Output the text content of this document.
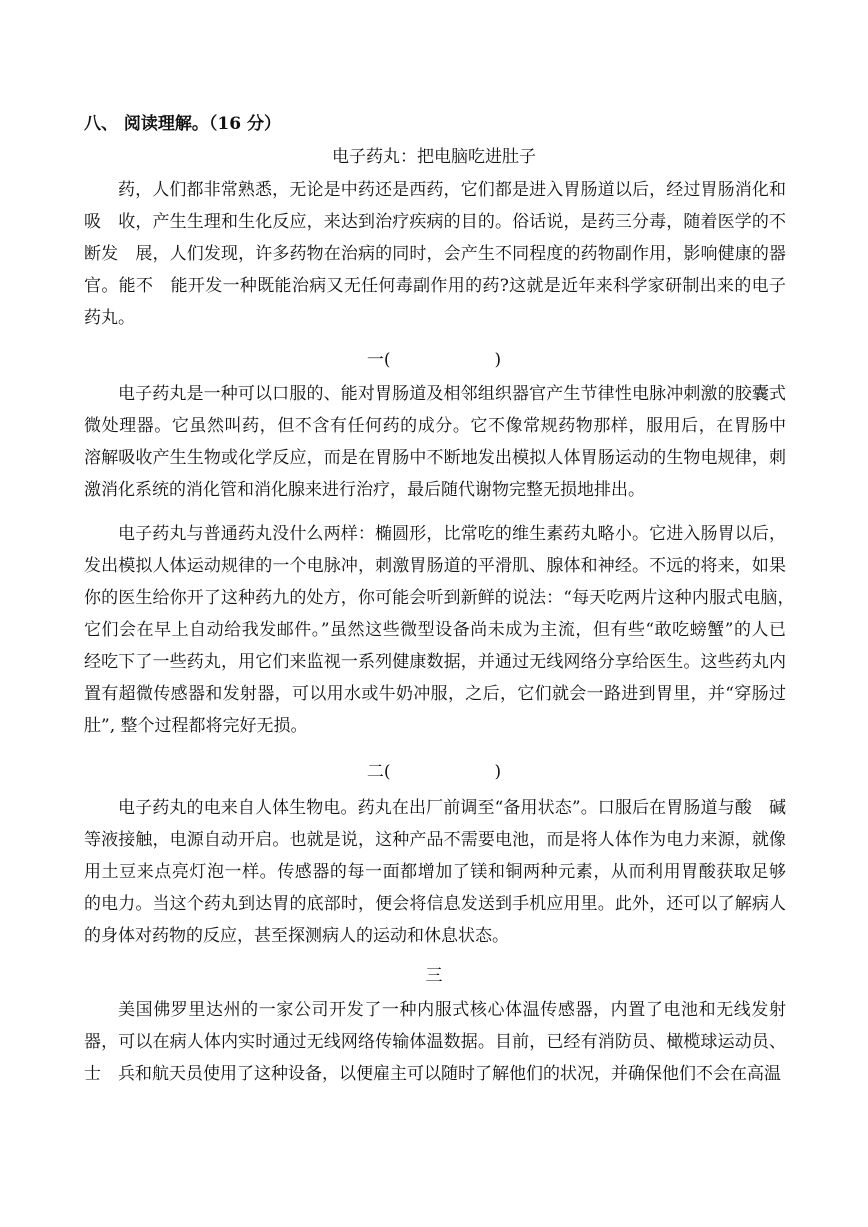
八、 阅读理解。（16 分）
电子药丸：把电脑吃进肚子
药，人们都非常熟悉，无论是中药还是西药，它们都是进入胃肠道以后，经过胃肠消化和吸　收，产生生理和生化反应，来达到治疗疾病的目的。俗话说，是药三分毒，随着医学的不断发　展，人们发现，许多药物在治病的同时，会产生不同程度的药物副作用，影响健康的器官。能不　能开发一种既能治病又无任何毒副作用的药?这就是近年来科学家研制出来的电子药丸。
一(	)
电子药丸是一种可以口服的、能对胃肠道及相邻组织器官产生节律性电脉冲刺激的胶囊式微处理器。它虽然叫药，但不含有任何药的成分。它不像常规药物那样，服用后，在胃肠中　溶解吸收产生生物或化学反应，而是在胃肠中不断地发出模拟人体胃肠运动的生物电规律，刺　激消化系统的消化管和消化腺来进行治疗，最后随代谢物完整无损地排出。
电子药丸与普通药丸没什么两样：椭圆形，比常吃的维生素药丸略小。它进入肠胃以后，发出模拟人体运动规律的一个电脉冲，刺激胃肠道的平滑肌、腺体和神经。不远的将来，如果　你的医生给你开了这种药九的处方，你可能会听到新鲜的说法：“每天吃两片这种内服式电脑，　它们会在早上自动给我发邮件。”虽然这些微型设备尚未成为主流，但有些“敢吃螃蟹”的人已　经吃下了一些药丸，用它们来监视一系列健康数据，并通过无线网络分享给医生。这些药丸内　置有超微传感器和发射器，可以用水或牛奶冲服，之后，它们就会一路进到胃里，并“穿肠过　肚”, 整个过程都将完好无损。
二(	)
电子药丸的电来自人体生物电。药丸在出厂前调至“备用状态”。口服后在胃肠道与酸　碱等液接触，电源自动开启。也就是说，这种产品不需要电池，而是将人体作为电力来源，就像　用土豆来点亮灯泡一样。传感器的每一面都增加了镁和铜两种元素，从而利用胃酸获取足够　的电力。当这个药丸到达胃的底部时，便会将信息发送到手机应用里。此外，还可以了解病人　的身体对药物的反应，甚至探测病人的运动和休息状态。
三
美国佛罗里达州的一家公司开发了一种内服式核心体温传感器，内置了电池和无线发射器，可以在病人体内实时通过无线网络传输体温数据。目前，已经有消防员、橄榄球运动员、士　兵和航天员使用了这种设备，以便雇主可以随时了解他们的状况，并确保他们不会在高温
